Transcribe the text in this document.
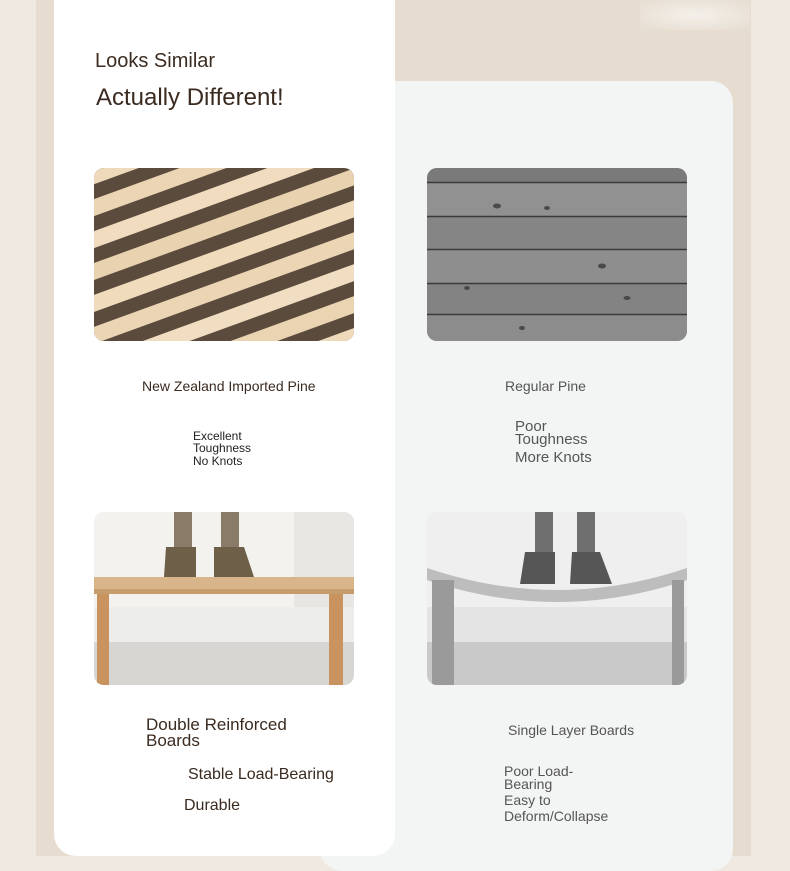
Looks Similar
Actually Different!

New Zealand Imported Pine	Regular Pine

Excellent Toughness

No Knots

Poor Toughness

More Knots

Double Reinforced Boards

Single Layer Boards

Stable Load-Bearing

Durable

Poor Load-Bearing

Easy to Deform/Collapse
